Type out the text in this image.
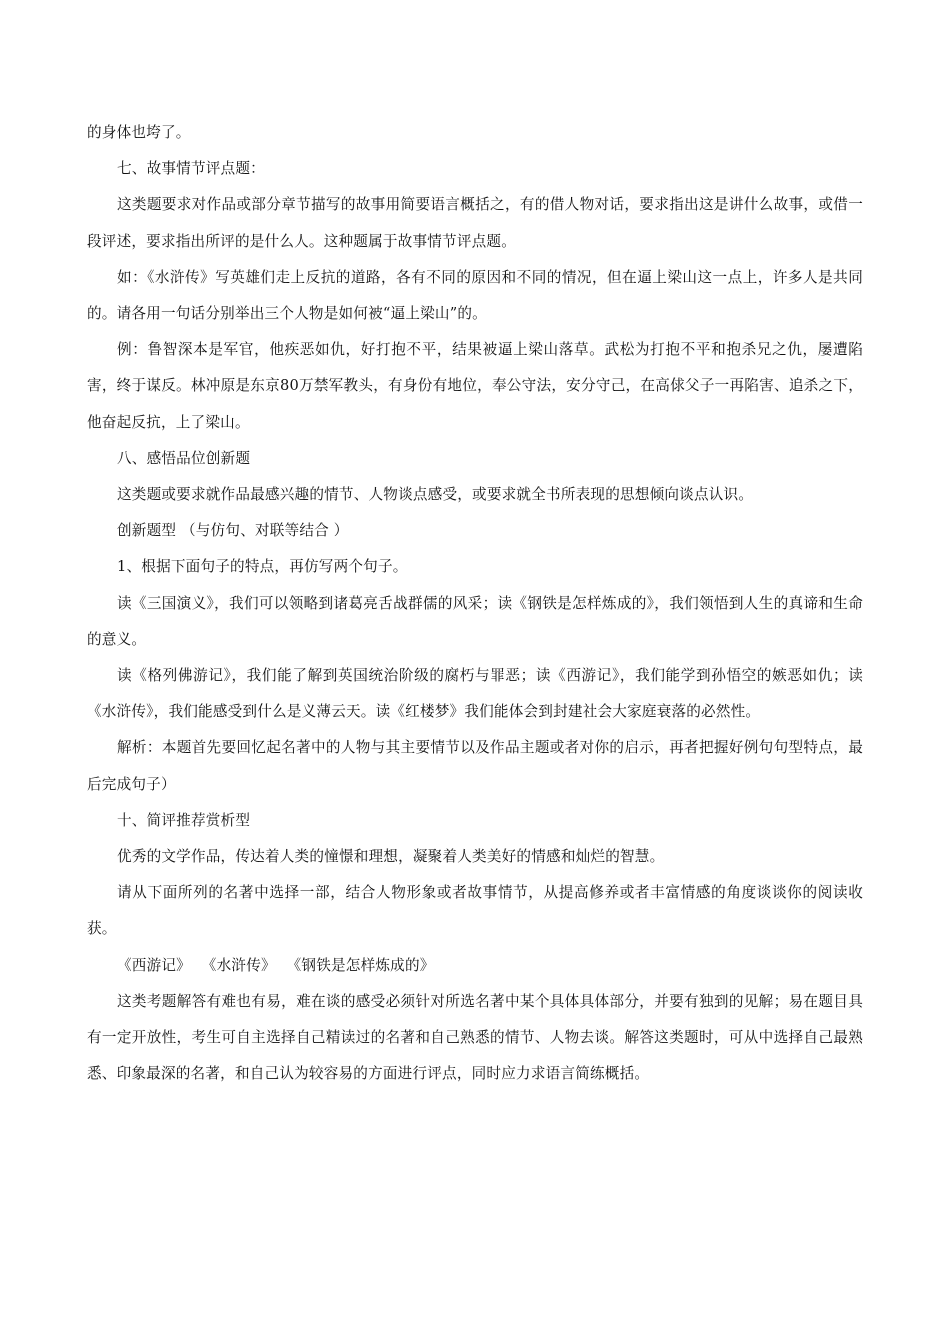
的身体也垮了。

七、故事情节评点题：

这类题要求对作品或部分章节描写的故事用简要语言概括之，有的借人物对话，要求指出这是讲什么故事，或借一段评述，要求指出所评的是什么人。这种题属于故事情节评点题。

如：《水浒传》写英雄们走上反抗的道路，各有不同的原因和不同的情况，但在逼上梁山这一点上，许多人是共同的。请各用一句话分别举出三个人物是如何被“逼上梁山”的。

例：鲁智深本是军官，他疾恶如仇，好打抱不平，结果被逼上梁山落草。武松为打抱不平和抱杀兄之仇，屡遭陷害，终于谋反。林冲原是东京80万禁军教头，有身份有地位，奉公守法，安分守己，在高俅父子一再陷害、追杀之下，他奋起反抗，上了梁山。

八、感悟品位创新题

这类题或要求就作品最感兴趣的情节、人物谈点感受，或要求就全书所表现的思想倾向谈点认识。

创新题型 （与仿句、对联等结合 ）

1、根据下面句子的特点，再仿写两个句子。

读《三国演义》，我们可以领略到诸葛亮舌战群儒的风采；读《钢铁是怎样炼成的》，我们领悟到人生的真谛和生命的意义。

读《格列佛游记》，我们能了解到英国统治阶级的腐朽与罪恶；读《西游记》，我们能学到孙悟空的嫉恶如仇；读《水浒传》，我们能感受到什么是义薄云天。读《红楼梦》我们能体会到封建社会大家庭衰落的必然性。

解析：本题首先要回忆起名著中的人物与其主要情节以及作品主题或者对你的启示，再者把握好例句句型特点，最后完成句子）

十、简评推荐赏析型

优秀的文学作品，传达着人类的憧憬和理想，凝聚着人类美好的情感和灿烂的智慧。

请从下面所列的名著中选择一部，结合人物形象或者故事情节，从提高修养或者丰富情感的角度谈谈你的阅读收获。

《西游记》 《水浒传》 《钢铁是怎样炼成的》

这类考题解答有难也有易，难在谈的感受必须针对所选名著中某个具体具体部分，并要有独到的见解；易在题目具有一定开放性，考生可自主选择自己精读过的名著和自己熟悉的情节、人物去谈。解答这类题时，可从中选择自己最熟悉、印象最深的名著，和自己认为较容易的方面进行评点，同时应力求语言简练概括。
